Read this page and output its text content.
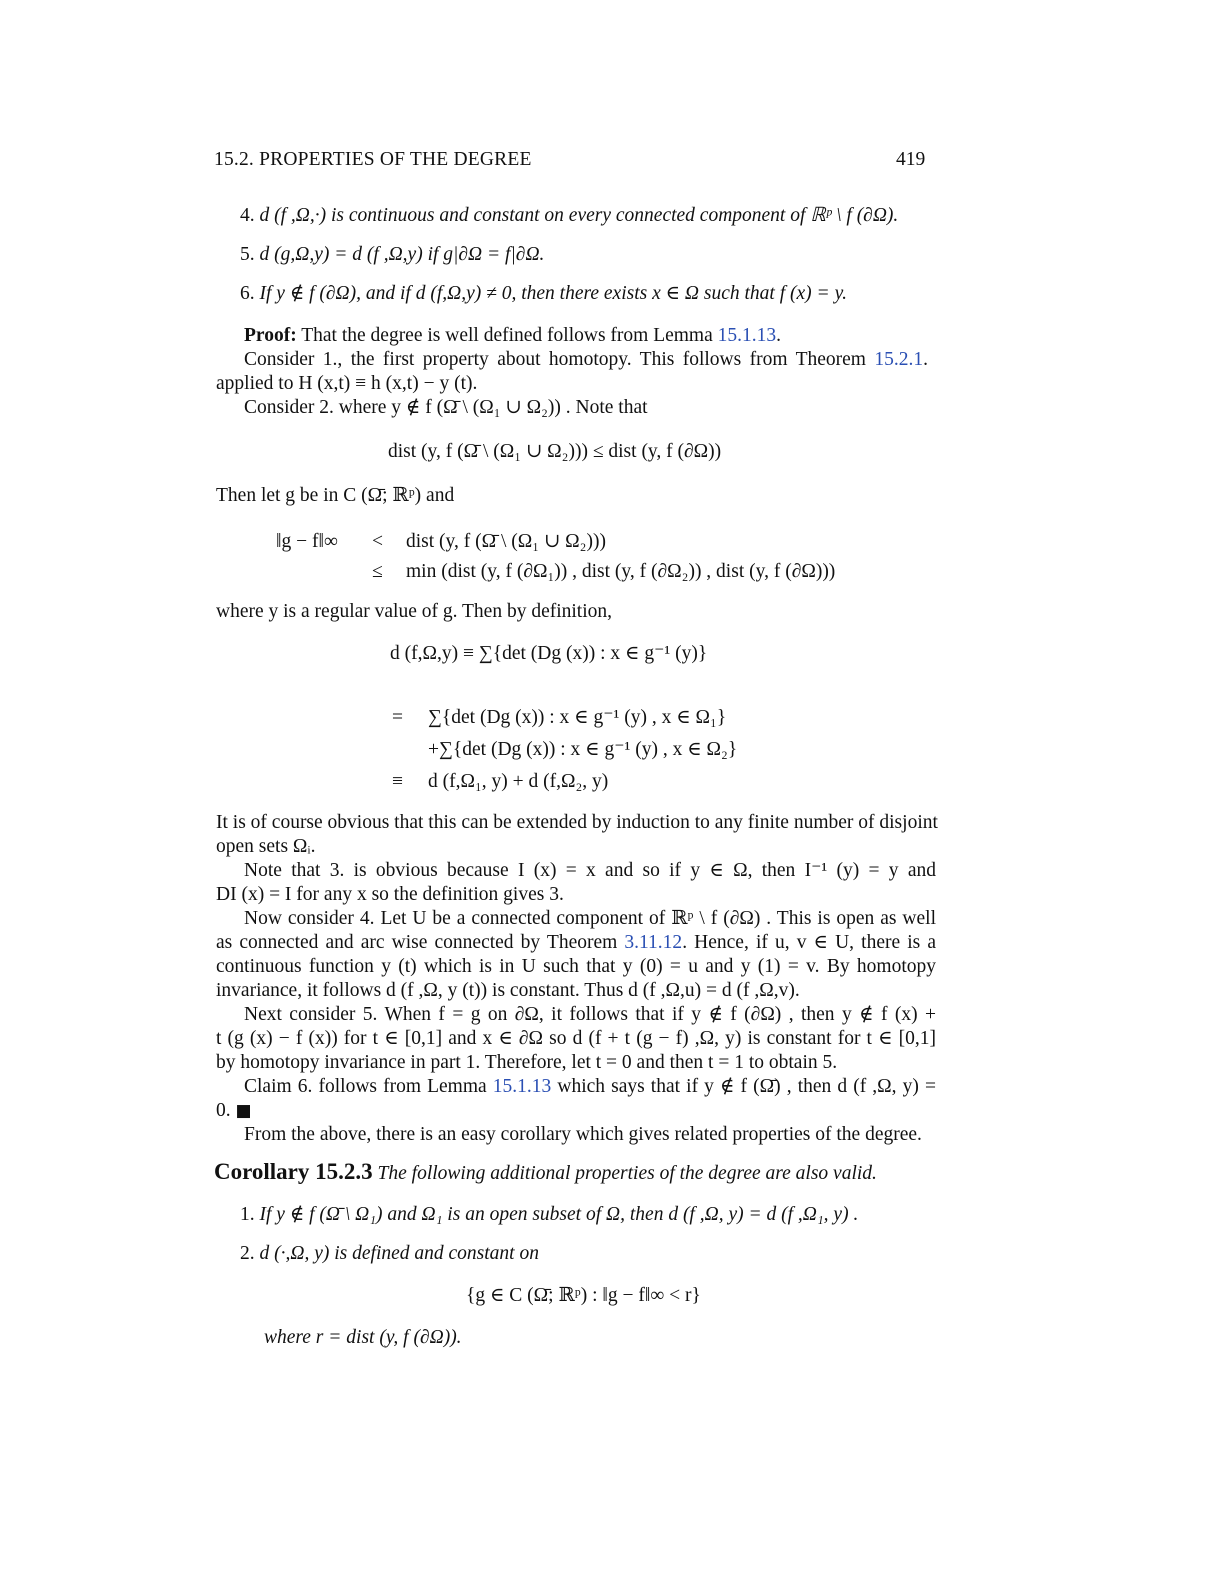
15.2. PROPERTIES OF THE DEGREE	419
4. d (f ,Ω,·) is continuous and constant on every connected component of ℝᵖ \ f (∂Ω).
5. d (g,Ω,y) = d (f ,Ω,y) if g|∂Ω = f|∂Ω.
6. If y ∉ f (∂Ω), and if d (f,Ω,y) ≠ 0, then there exists x ∈ Ω such that f (x) = y.
Proof: That the degree is well defined follows from Lemma 15.1.13.
Consider 1., the first property about homotopy. This follows from Theorem 15.2.1.
applied to H (x,t) ≡ h (x,t) − y (t).
Consider 2. where y ∉ f (Ω̄ \ (Ω₁ ∪ Ω₂)) . Note that
dist (y, f (Ω̄ \ (Ω₁ ∪ Ω₂))) ≤ dist (y, f (∂Ω))
Then let g be in C (Ω̄; ℝᵖ) and
‖g − f‖∞ < dist (y, f (Ω̄ \ (Ω₁ ∪ Ω₂)))
≤ min (dist (y, f (∂Ω₁)) , dist (y, f (∂Ω₂)) , dist (y, f (∂Ω)))
where y is a regular value of g. Then by definition,
d (f,Ω,y) ≡ ∑{det (Dg (x)) : x ∈ g⁻¹ (y)}
= ∑{det (Dg (x)) : x ∈ g⁻¹ (y) , x ∈ Ω₁}
+∑{det (Dg (x)) : x ∈ g⁻¹ (y) , x ∈ Ω₂}
≡ d (f,Ω₁, y) + d (f,Ω₂, y)
It is of course obvious that this can be extended by induction to any finite number of disjoint
open sets Ωᵢ.
Note that 3. is obvious because I (x) = x and so if y ∈ Ω, then I⁻¹ (y) = y and
DI (x) = I for any x so the definition gives 3.
Now consider 4. Let U be a connected component of ℝᵖ \ f (∂Ω) . This is open as well
as connected and arc wise connected by Theorem 3.11.12. Hence, if u, v ∈ U, there is a
continuous function y (t) which is in U such that y (0) = u and y (1) = v. By homotopy
invariance, it follows d (f ,Ω, y (t)) is constant. Thus d (f ,Ω,u) = d (f ,Ω,v).
Next consider 5. When f = g on ∂Ω, it follows that if y ∉ f (∂Ω) , then y ∉ f (x) +
t (g (x) − f (x)) for t ∈ [0,1] and x ∈ ∂Ω so d (f + t (g − f) ,Ω, y) is constant for t ∈ [0,1]
by homotopy invariance in part 1. Therefore, let t = 0 and then t = 1 to obtain 5.
Claim 6. follows from Lemma 15.1.13 which says that if y ∉ f (Ω̄) , then d (f ,Ω, y) =
0. ■
From the above, there is an easy corollary which gives related properties of the degree.
Corollary 15.2.3 The following additional properties of the degree are also valid.
1. If y ∉ f (Ω̄ \ Ω₁) and Ω₁ is an open subset of Ω, then d (f ,Ω, y) = d (f ,Ω₁, y) .
2. d (·,Ω, y) is defined and constant on
{g ∈ C (Ω̄; ℝᵖ) : ‖g − f‖∞ < r}
where r = dist (y, f (∂Ω)).
